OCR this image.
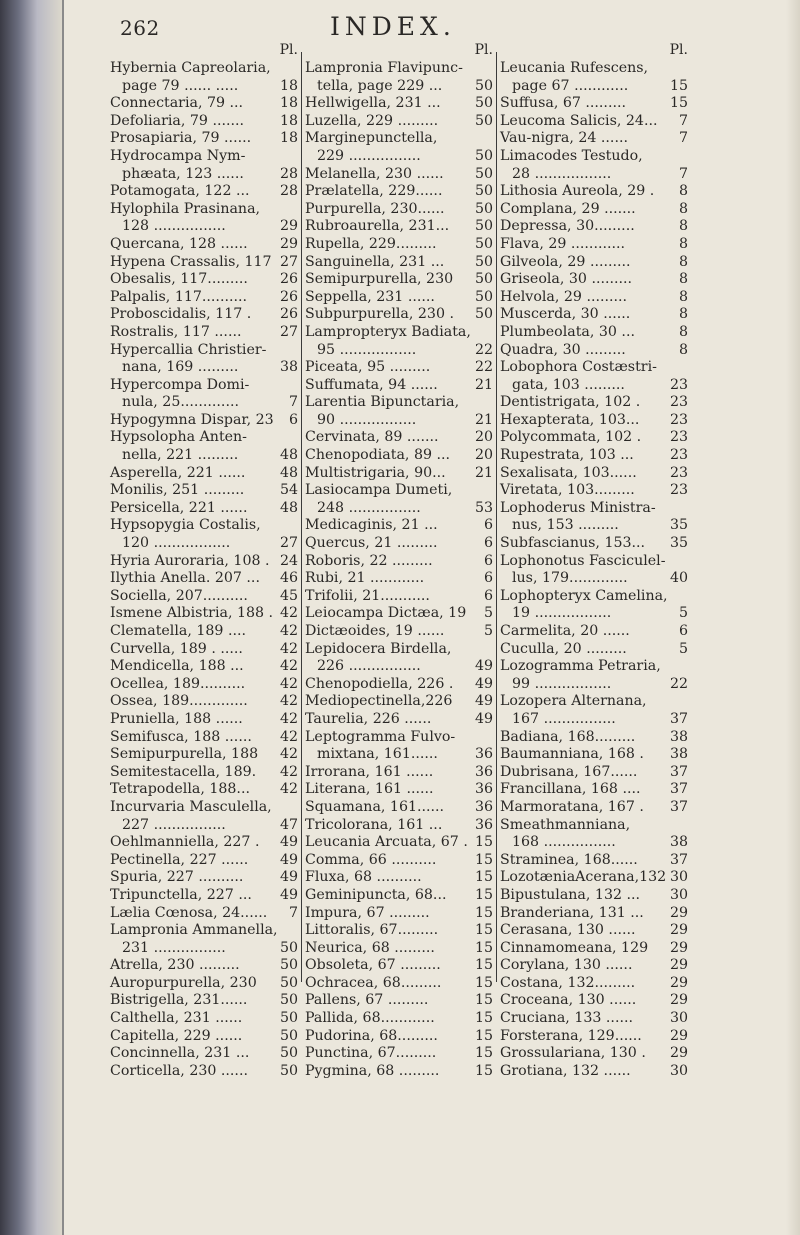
262	INDEX.
Pl.
Hybernia Capreolaria,
page 79 ...... .....	18
Connectaria, 79 ...	18
Defoliaria, 79 .......	18
Prosapiaria, 79 ...... 18
Hydrocampa Nym-
phæata, 123 ......	28
Potamogata, 122 ... 28
Hylophila Prasinana,
128 ................	29
Quercana, 128 ...... 29
Hypena Crassalis, 117 27
Obesalis, 117......... 26
Palpalis, 117.......... 26
Proboscidalis, 117 . 26
Rostralis, 117 ......	27
Hypercallia Christier-
nana, 169 .........	38
Hypercompa Domi-
nula, 25.............	7
Hypogymna Dispar, 23 6
Hypsolopha Anten-
nella, 221 .........	48
Asperella, 221 ...... 48
Monilis, 251 .........	54
Persicella, 221 ...... 48
Hypsopygia Costalis,
120 .................	27
Hyria Auroraria, 108 . 24
Ilythia Anella. 207 ... 46
Sociella, 207.......... 45
Ismene Albistria, 188 . 42
Clematella, 189 .... 42
Curvella, 189 . .....	42
Mendicella, 188 ...	42
Ocellea, 189.......... 42
Ossea, 189............. 42
Pruniella, 188 ......	42
Semifusca, 188 ...... 42
Semipurpurella, 188 42
Semitestacella, 189. 42
Tetrapodella, 188... 42
Incurvaria Masculella,
227 ................	47
Oehlmanniella, 227 . 49
Pectinella, 227 ...... 49
Spuria, 227 ..........	49
Tripunctella, 227 ... 49
Lælia Cœnosa, 24...... 7
Lampronia Ammanella,
231 ................	50
Atrella, 230 .........	50
Auropurpurella, 230 50
Bistrigella, 231...... 50
Calthella, 231 ......	50
Capitella, 229 ......	50
Concinnella, 231 ... 50
Corticella, 230 ...... 50
Pl.
Lampronia Flavipunc-
tella, page 229 ... 50
Hellwigella, 231 ... 50
Luzella, 229 .........	50
Marginepunctella,
229 ................	50
Melanella, 230 ...... 50
Prælatella, 229...... 50
Purpurella, 230...... 50
Rubroaurella, 231... 50
Rupella, 229.........	50
Sanguinella, 231 ... 50
Semipurpurella, 230 50
Seppella, 231 ......	50
Subpurpurella, 230 . 50
Lampropteryx Badiata,
95 .................	22
Piceata, 95 .........	22
Suffumata, 94 ......	21
Larentia Bipunctaria,
90 .................	21
Cervinata, 89 .......	20
Chenopodiata, 89 ... 20
Multistrigaria, 90... 21
Lasiocampa Dumeti,
248 ................	53
Medicaginis, 21 ...	6
Quercus, 21 .........	6
Roboris, 22 .........	6
Rubi, 21 ............	6
Trifolii, 21...........	6
Leiocampa Dictæa, 19 5
Dictæoides, 19 ......	5
Lepidocera Birdella,
226 ................	49
Chenopodiella, 226 . 49
Mediopectinella,226 49
Taurelia, 226 ......	49
Leptogramma Fulvo-
mixtana, 161......	36
Irrorana, 161 ......	36
Literana, 161 ......	36
Squamana, 161...... 36
Tricolorana, 161 ... 36
Leucania Arcuata, 67 . 15
Comma, 66 ..........	15
Fluxa, 68 ..........	15
Geminipuncta, 68... 15
Impura, 67 .........	15
Littoralis, 67.........	15
Neurica, 68 .........	15
Obsoleta, 67 ......... 15
Ochracea, 68......... 15
Pallens, 67 .........	15
Pallida, 68............	15
Pudorina, 68.........	15
Punctina, 67.........	15
Pygmina, 68 .........	15
Pl.
Leucania Rufescens,
page 67 ............	15
Suffusa, 67 .........	15
Leucoma Salicis, 24... 7
Vau-nigra, 24 ......	7
Limacodes Testudo,
28 .................	7
Lithosia Aureola, 29 . 8
Complana, 29 .......	8
Depressa, 30.........	8
Flava, 29 ............	8
Gilveola, 29 .........	8
Griseola, 30 .........	8
Helvola, 29 .........	8
Muscerda, 30 ......	8
Plumbeolata, 30 ...	8
Quadra, 30 .........	8
Lobophora Costæstri-
gata, 103 .........	23
Dentistrigata, 102 . 23
Hexapterata, 103... 23
Polycommata, 102 . 23
Rupestrata, 103 ...	23
Sexalisata, 103...... 23
Viretata, 103......... 23
Lophoderus Ministra-
nus, 153 .........	35
Subfascianus, 153... 35
Lophonotus Fasciculel-
lus, 179.............	40
Lophopteryx Camelina,
19 .................	5
Carmelita, 20 ......	6
Cucullа, 20 .........	5
Lozogramma Petraria,
99 .................	22
Lozopera Alternana,
167 ................	37
Badiana, 168......... 38
Baumanniana, 168 . 38
Dubrisana, 167...... 37
Francillana, 168 .... 37
Marmoratana, 167 . 37
Smeathmanniana,
168 ................	38
Straminea, 168...... 37
LozotæniaAcerana,132 30
Bipustulana, 132 ... 30
Branderiana, 131 ... 29
Cerasana, 130 ...... 29
Cinnamomeana, 129 29
Corylana, 130 ......	29
Costana, 132......... 29
Croceana, 130 ...... 29
Cruciana, 133 ......	30
Forsterana, 129...... 29
Grossulariana, 130 . 29
Grotiana, 132 ......	30
